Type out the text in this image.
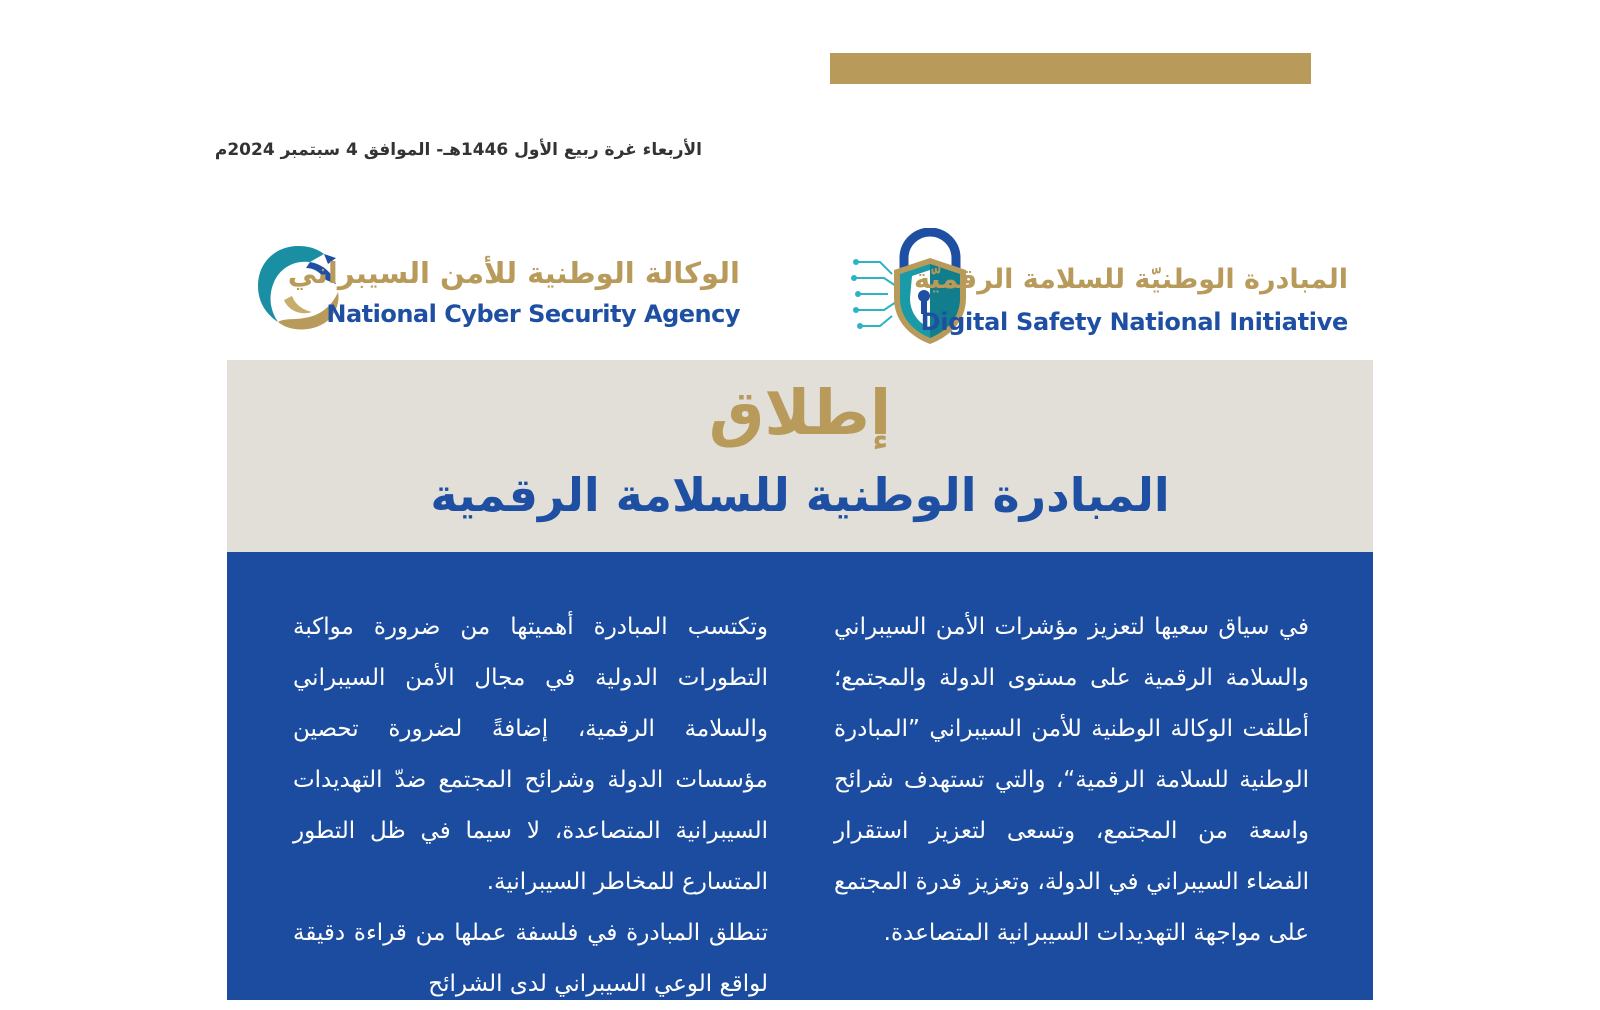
الأربعاء غرة ربيع الأول 1446هـ- الموافق 4 سبتمبر 2024م
المبادرة الوطنيّة للسلامة الرقميّة
Digital Safety National Initiative
الوكالة الوطنية للأمن السيبراني
National Cyber Security Agency
إطلاق
المبادرة الوطنية للسلامة الرقمية

في سياق سعيها لتعزيز مؤشرات الأمن السيبراني والسلامة الرقمية على مستوى الدولة والمجتمع؛ أطلقت الوكالة الوطنية للأمن السيبراني ”المبادرة الوطنية للسلامة الرقمية“، والتي تستهدف شرائح واسعة من المجتمع، وتسعى لتعزيز استقرار الفضاء السيبراني في الدولة، وتعزيز قدرة المجتمع على مواجهة التهديدات السيبرانية المتصاعدة.

وتكتسب المبادرة أهميتها من ضرورة مواكبة التطورات الدولية في مجال الأمن السيبراني والسلامة الرقمية، إضافةً لضرورة تحصين مؤسسات الدولة وشرائح المجتمع ضدّ التهديدات السيبرانية المتصاعدة، لا سيما في ظل التطور المتسارع للمخاطر السيبرانية.

تنطلق المبادرة في فلسفة عملها من قراءة دقيقة لواقع الوعي السيبراني لدى الشرائح
